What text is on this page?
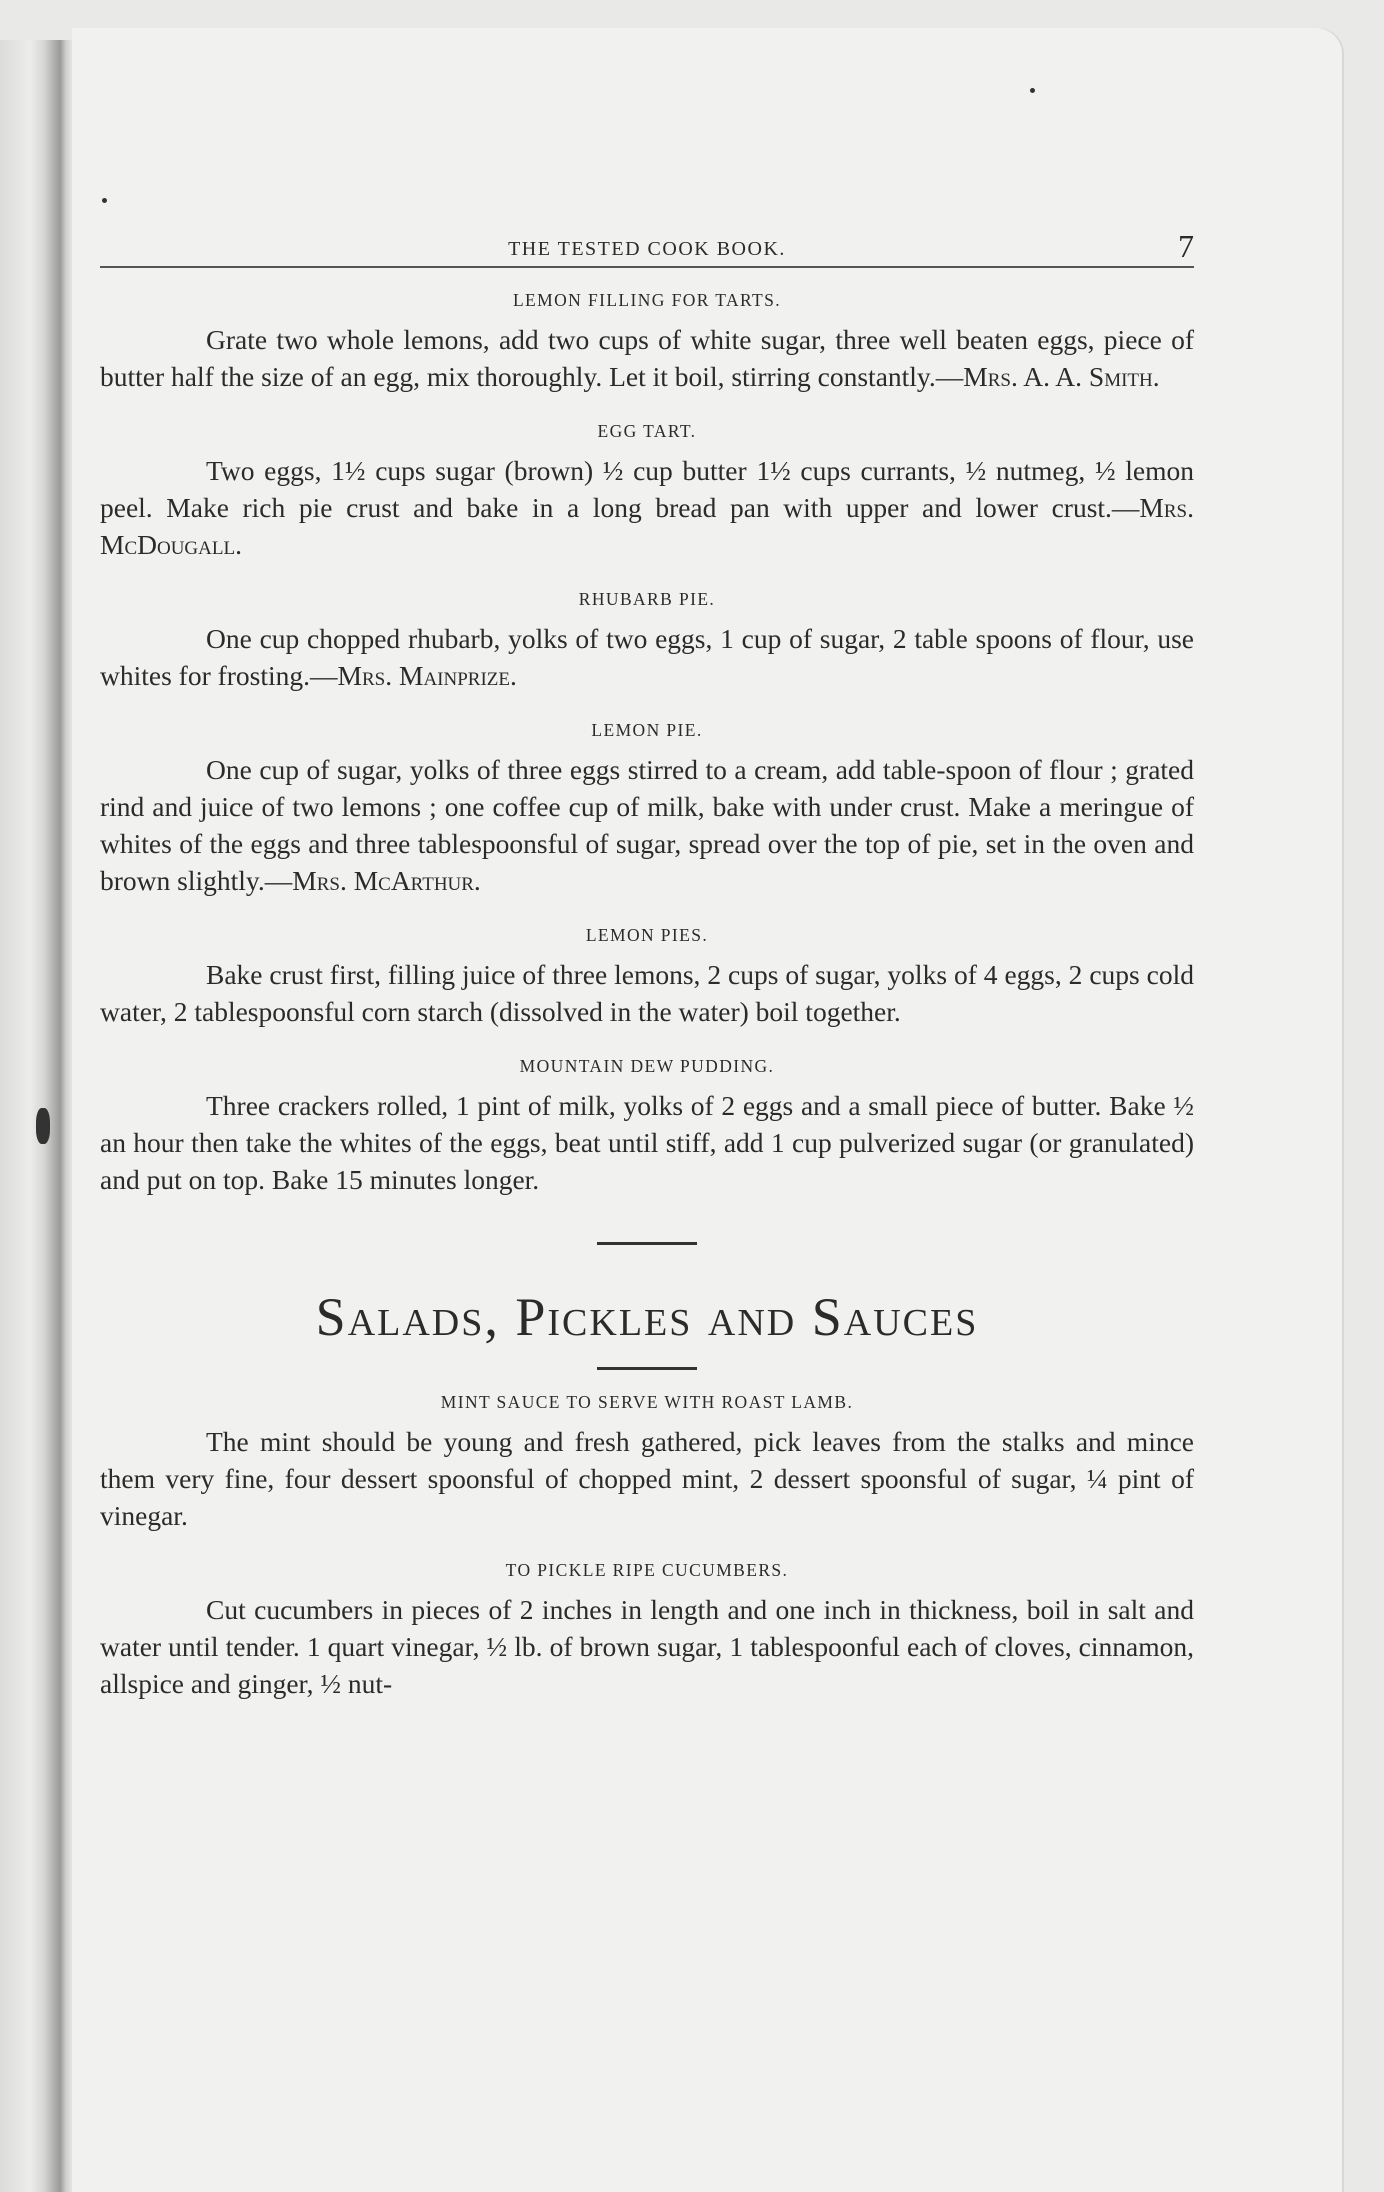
THE TESTED COOK BOOK.	7
LEMON FILLING FOR TARTS.

Grate two whole lemons, add two cups of white sugar, three well beaten eggs, piece of butter half the size of an egg, mix thoroughly. Let it boil, stirring constantly.—Mrs. A. A. Smith.

EGG TART.

Two eggs, 1½ cups sugar (brown) ½ cup butter 1½ cups currants, ½ nutmeg, ½ lemon peel. Make rich pie crust and bake in a long bread pan with upper and lower crust.—Mrs. McDougall.

RHUBARB PIE.

One cup chopped rhubarb, yolks of two eggs, 1 cup of sugar, 2 table spoons of flour, use whites for frosting.—Mrs. Mainprize.

LEMON PIE.

One cup of sugar, yolks of three eggs stirred to a cream, add table-spoon of flour ; grated rind and juice of two lemons ; one coffee cup of milk, bake with under crust. Make a meringue of whites of the eggs and three tablespoonsful of sugar, spread over the top of pie, set in the oven and brown slightly.—Mrs. McArthur.

LEMON PIES.

Bake crust first, filling juice of three lemons, 2 cups of sugar, yolks of 4 eggs, 2 cups cold water, 2 tablespoonsful corn starch (dissolved in the water) boil together.

MOUNTAIN DEW PUDDING.

Three crackers rolled, 1 pint of milk, yolks of 2 eggs and a small piece of butter. Bake ½ an hour then take the whites of the eggs, beat until stiff, add 1 cup pulverized sugar (or granulated) and put on top. Bake 15 minutes longer.

Salads, Pickles and Sauces
MINT SAUCE TO SERVE WITH ROAST LAMB.

The mint should be young and fresh gathered, pick leaves from the stalks and mince them very fine, four dessert spoonsful of chopped mint, 2 dessert spoonsful of sugar, ¼ pint of vinegar.

TO PICKLE RIPE CUCUMBERS.

Cut cucumbers in pieces of 2 inches in length and one inch in thickness, boil in salt and water until tender. 1 quart vinegar, ½ lb. of brown sugar, 1 tablespoonful each of cloves, cinnamon, allspice and ginger, ½ nut-
